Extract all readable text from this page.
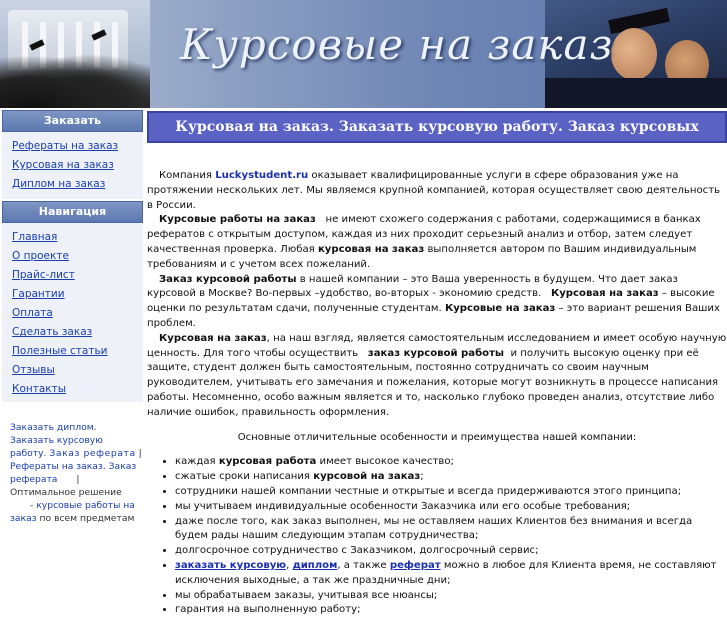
Курсовые на заказ
Заказать
Рефераты на заказ
Курсовая на заказ
Диплом на заказ
Навигация
Главная
О проекте
Прайс-лист
Гарантии
Оплата
Сделать заказ
Полезные статьи
Отзывы
Контакты
Заказать диплом. Заказать курсовую работу. Заказ реферата | Рефераты на заказ. Заказ реферата | Оптимальное решение - курсовые работы на заказ по всем предметам
Курсовая на заказ. Заказать курсовую работу. Заказ курсовых

Компания Luckystudent.ru оказывает квалифицированные услуги в сфере образования уже на протяжении нескольких лет. Мы являемся крупной компанией, которая осуществляет свою деятельность в России.

Курсовые работы на заказ не имеют схожего содержания с работами, содержащимися в банках рефератов с открытым доступом, каждая из них проходит серьезный анализ и отбор, затем следует качественная проверка. Любая курсовая на заказ выполняется автором по Вашим индивидуальным требованиям и с учетом всех пожеланий.

Заказ курсовой работы в нашей компании – это Ваша уверенность в будущем. Что дает заказ курсовой в Москве? Во-первых –удобство, во-вторых - экономию средств. Курсовая на заказ – высокие оценки по результатам сдачи, полученные студентам. Курсовые на заказ – это вариант решения Ваших проблем.

Курсовая на заказ, на наш взгляд, является самостоятельным исследованием и имеет особую научную ценность. Для того чтобы осуществить заказ курсовой работы и получить высокую оценку при её защите, студент должен быть самостоятельным, постоянно сотрудничать со своим научным руководителем, учитывать его замечания и пожелания, которые могут возникнуть в процессе написания работы. Несомненно, особо важным является и то, насколько глубоко проведен анализ, отсутствие либо наличие ошибок, правильность оформления.

Основные отличительные особенности и преимущества нашей компании:

• каждая курсовая работа имеет высокое качество;
• сжатые сроки написания курсовой на заказ;
• сотрудники нашей компании честные и открытые и всегда придерживаются этого принципа;
• мы учитываем индивидуальные особенности Заказчика или его особые требования;
• даже после того, как заказ выполнен, мы не оставляем наших Клиентов без внимания и всегда будем рады нашим следующим этапам сотрудничества;
• долгосрочное сотрудничество с Заказчиком, долгосрочный сервис;
• заказать курсовую, диплом, а также реферат можно в любое для Клиента время, не составляют исключения выходные, а так же праздничные дни;
• мы обрабатываем заказы, учитывая все нюансы;
• гарантия на выполненную работу;
